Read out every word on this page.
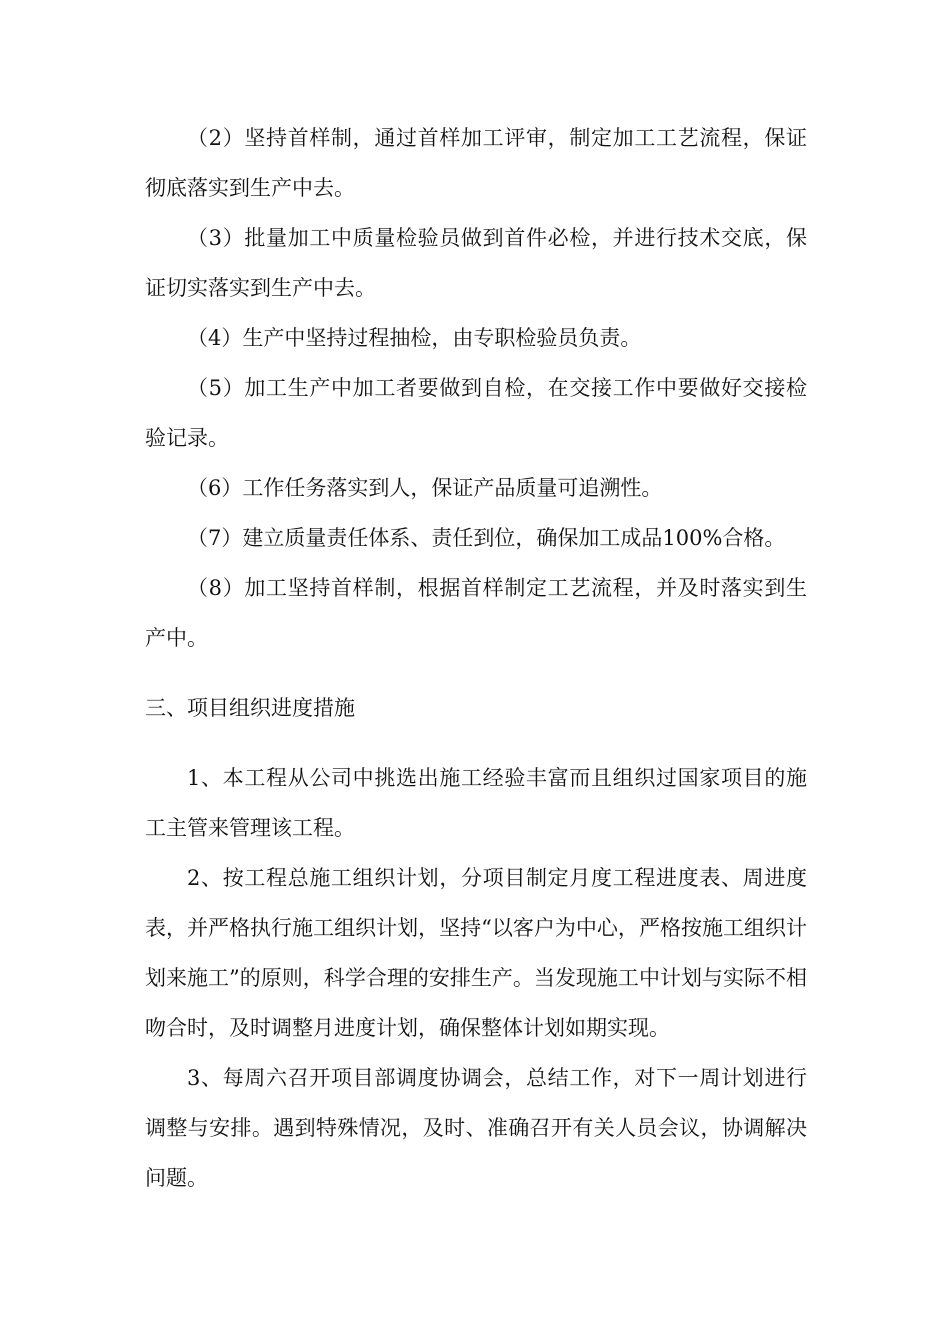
（2）坚持首样制，通过首样加工评审，制定加工工艺流程，保证彻底落实到生产中去。

（3）批量加工中质量检验员做到首件必检，并进行技术交底，保证切实落实到生产中去。

（4）生产中坚持过程抽检，由专职检验员负责。

（5）加工生产中加工者要做到自检，在交接工作中要做好交接检验记录。

（6）工作任务落实到人，保证产品质量可追溯性。

（7）建立质量责任体系、责任到位，确保加工成品100%合格。

（8）加工坚持首样制，根据首样制定工艺流程，并及时落实到生产中。

三、项目组织进度措施

1、本工程从公司中挑选出施工经验丰富而且组织过国家项目的施工主管来管理该工程。

2、按工程总施工组织计划，分项目制定月度工程进度表、周进度表，并严格执行施工组织计划，坚持“以客户为中心，严格按施工组织计划来施工”的原则，科学合理的安排生产。当发现施工中计划与实际不相吻合时，及时调整月进度计划，确保整体计划如期实现。

3、每周六召开项目部调度协调会，总结工作，对下一周计划进行调整与安排。遇到特殊情况，及时、准确召开有关人员会议，协调解决问题。
